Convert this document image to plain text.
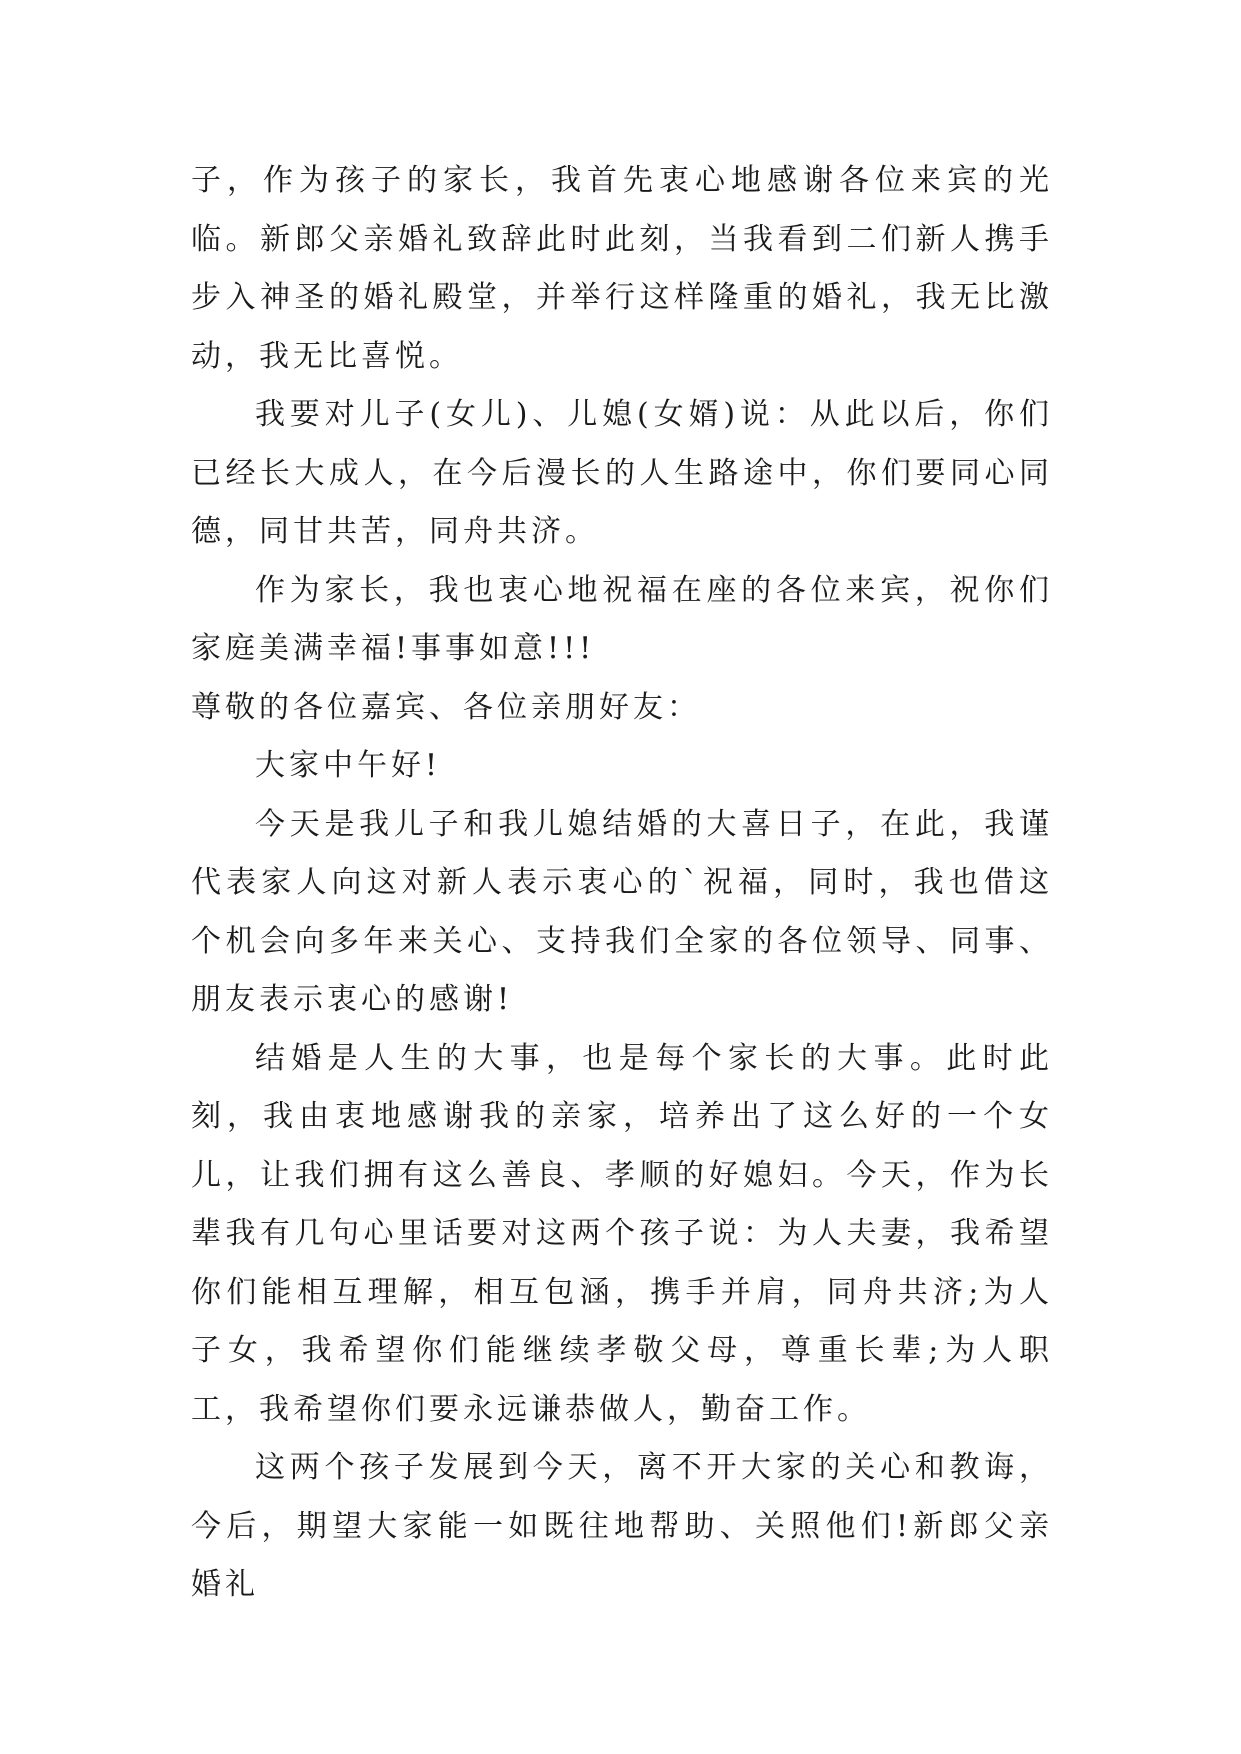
子，作为孩子的家长，我首先衷心地感谢各位来宾的光临。新郎父亲婚礼致辞此时此刻，当我看到二们新人携手步入神圣的婚礼殿堂，并举行这样隆重的婚礼，我无比激动，我无比喜悦。

我要对儿子(女儿)、儿媳(女婿)说：从此以后，你们已经长大成人，在今后漫长的人生路途中，你们要同心同德，同甘共苦，同舟共济。

作为家长，我也衷心地祝福在座的各位来宾，祝你们家庭美满幸福!事事如意!!!

尊敬的各位嘉宾、各位亲朋好友：

大家中午好!

今天是我儿子和我儿媳结婚的大喜日子，在此，我谨代表家人向这对新人表示衷心的`祝福，同时，我也借这个机会向多年来关心、支持我们全家的各位领导、同事、朋友表示衷心的感谢!

结婚是人生的大事，也是每个家长的大事。此时此刻，我由衷地感谢我的亲家，培养出了这么好的一个女儿，让我们拥有这么善良、孝顺的好媳妇。今天，作为长辈我有几句心里话要对这两个孩子说：为人夫妻，我希望你们能相互理解，相互包涵，携手并肩，同舟共济;为人子女，我希望你们能继续孝敬父母，尊重长辈;为人职工，我希望你们要永远谦恭做人，勤奋工作。

这两个孩子发展到今天，离不开大家的关心和教诲，今后，期望大家能一如既往地帮助、关照他们!新郎父亲婚礼
